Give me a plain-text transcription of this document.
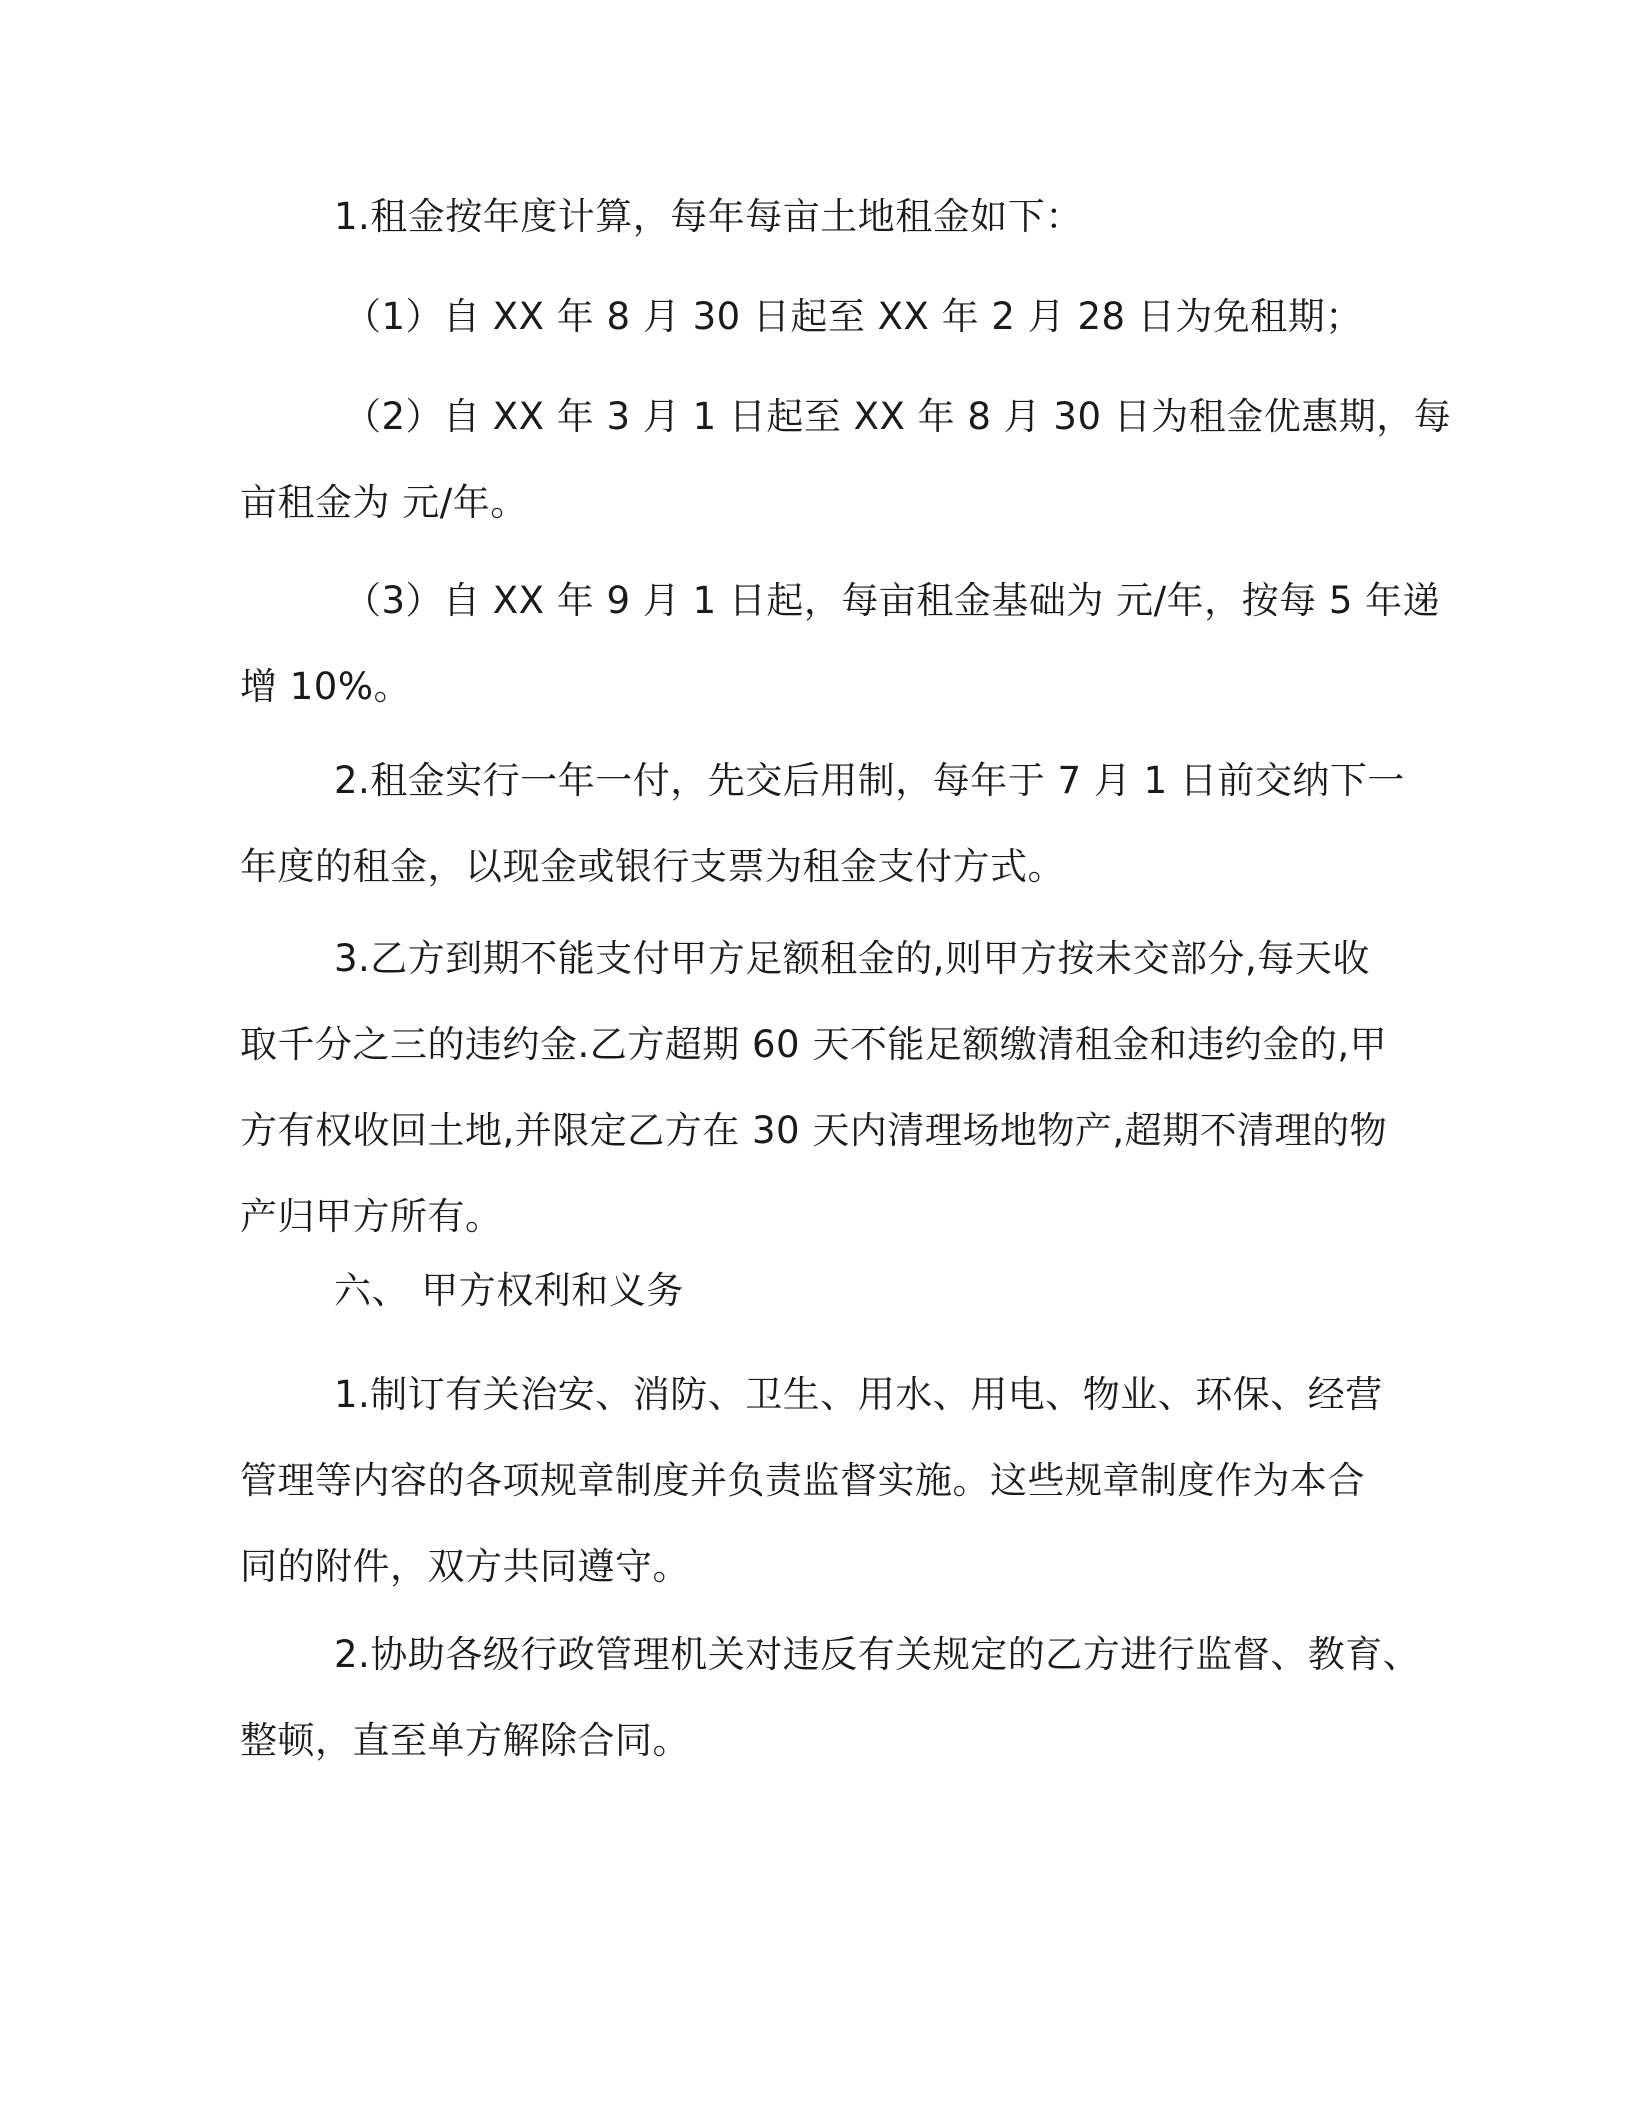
1.租金按年度计算，每年每亩土地租金如下：

（1）自 XX 年 8 月 30 日起至 XX 年 2 月 28 日为免租期；

（2）自 XX 年 3 月 1 日起至 XX 年 8 月 30 日为租金优惠期，每
亩租金为 元/年。

（3）自 XX 年 9 月 1 日起，每亩租金基础为 元/年，按每 5 年递
增 10%。

2.租金实行一年一付，先交后用制，每年于 7 月 1 日前交纳下一
年度的租金，以现金或银行支票为租金支付方式。

3.乙方到期不能支付甲方足额租金的,则甲方按未交部分,每天收
取千分之三的违约金.乙方超期 60 天不能足额缴清租金和违约金的,甲
方有权收回土地,并限定乙方在 30 天内清理场地物产,超期不清理的物
产归甲方所有。

六、 甲方权利和义务

1.制订有关治安、消防、卫生、用水、用电、物业、环保、经营
管理等内容的各项规章制度并负责监督实施。这些规章制度作为本合
同的附件，双方共同遵守。

2.协助各级行政管理机关对违反有关规定的乙方进行监督、教育、
整顿，直至单方解除合同。
